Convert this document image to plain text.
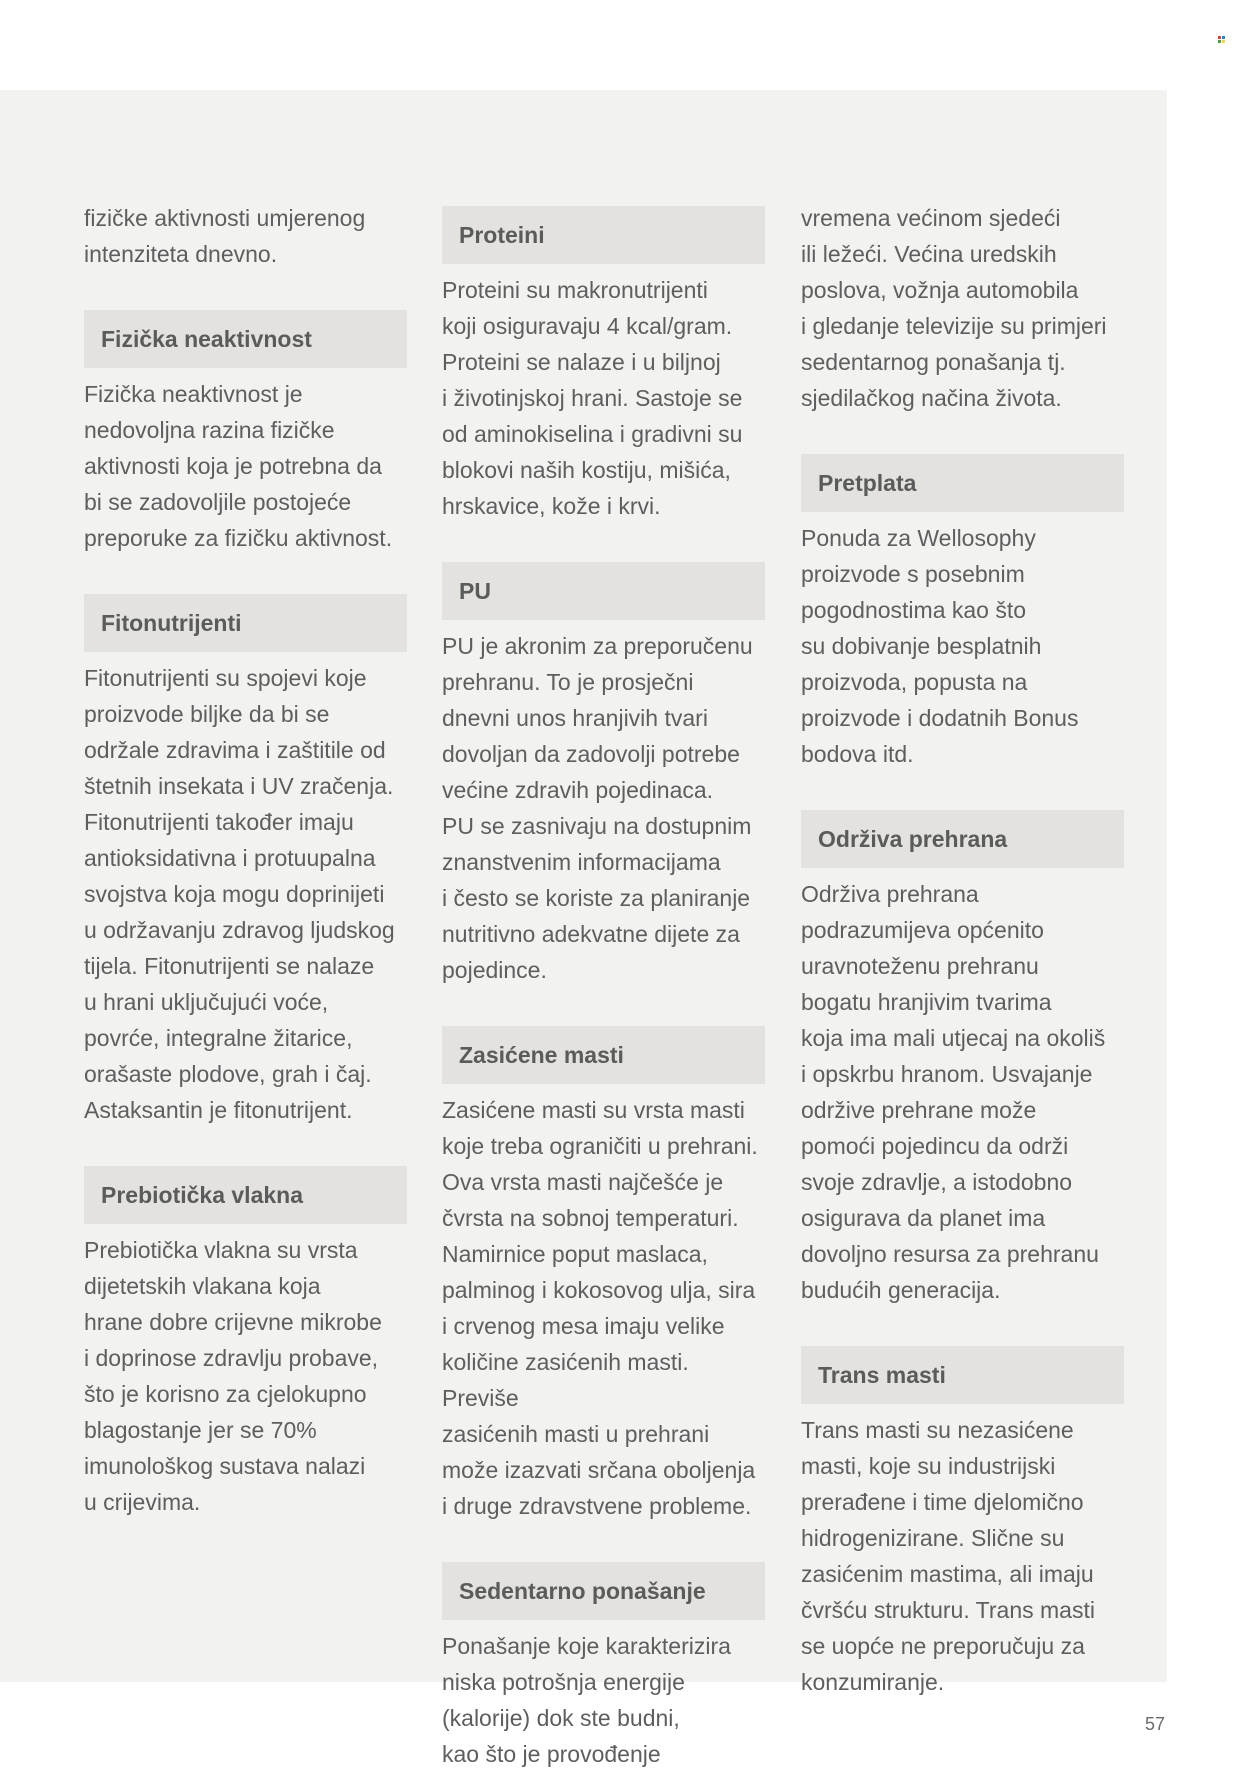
fizičke aktivnosti umjerenog
intenziteta dnevno.
Fizička neaktivnost
Fizička neaktivnost je
nedovoljna razina fizičke
aktivnosti koja je potrebna da
bi se zadovoljile postojeće
preporuke za fizičku aktivnost.
Fitonutrijenti
Fitonutrijenti su spojevi koje
proizvode biljke da bi se
održale zdravima i zaštitile od
štetnih insekata i UV zračenja.
Fitonutrijenti također imaju
antioksidativna i protuupalna
svojstva koja mogu doprinijeti
u održavanju zdravog ljudskog
tijela. Fitonutrijenti se nalaze
u hrani uključujući voće,
povrće, integralne žitarice,
orašaste plodove, grah i čaj.
Astaksantin je fitonutrijent.
Prebiotička vlakna
Prebiotička vlakna su vrsta
dijetetskih vlakana koja
hrane dobre crijevne mikrobe
i doprinose zdravlju probave,
što je korisno za cjelokupno
blagostanje jer se 70%
imunološkog sustava nalazi
u crijevima.
Proteini
Proteini su makronutrijenti
koji osiguravaju 4 kcal/gram.
Proteini se nalaze i u biljnoj
i životinjskoj hrani. Sastoje se
od aminokiselina i gradivni su
blokovi naših kostiju, mišića,
hrskavice, kože i krvi.
PU
PU je akronim za preporučenu
prehranu. To je prosječni
dnevni unos hranjivih tvari
dovoljan da zadovolji potrebe
većine zdravih pojedinaca.
PU se zasnivaju na dostupnim
znanstvenim informacijama
i često se koriste za planiranje
nutritivno adekvatne dijete za
pojedince.
Zasićene masti
Zasićene masti su vrsta masti
koje treba ograničiti u prehrani.
Ova vrsta masti najčešće je
čvrsta na sobnoj temperaturi.
Namirnice poput maslaca,
palminog i kokosovog ulja, sira
i crvenog mesa imaju velike
količine zasićenih masti. Previše
zasićenih masti u prehrani
može izazvati srčana oboljenja
i druge zdravstvene probleme.
Sedentarno ponašanje
Ponašanje koje karakterizira
niska potrošnja energije
(kalorije) dok ste budni,
kao što je provođenje
vremena većinom sjedeći
ili ležeći. Većina uredskih
poslova, vožnja automobila
i gledanje televizije su primjeri
sedentarnog ponašanja tj.
sjedilačkog načina života.
Pretplata
Ponuda za Wellosophy
proizvode s posebnim
pogodnostima kao što
su dobivanje besplatnih
proizvoda, popusta na
proizvode i dodatnih Bonus
bodova itd.
Održiva prehrana
Održiva prehrana
podrazumijeva općenito
uravnoteženu prehranu
bogatu hranjivim tvarima
koja ima mali utjecaj na okoliš
i opskrbu hranom. Usvajanje
održive prehrane može
pomoći pojedincu da održi
svoje zdravlje, a istodobno
osigurava da planet ima
dovoljno resursa za prehranu
budućih generacija.
Trans masti
Trans masti su nezasićene
masti, koje su industrijski
prerađene i time djelomično
hidrogenizirane. Slične su
zasićenim mastima, ali imaju
čvršću strukturu. Trans masti
se uopće ne preporučuju za
konzumiranje.
57
